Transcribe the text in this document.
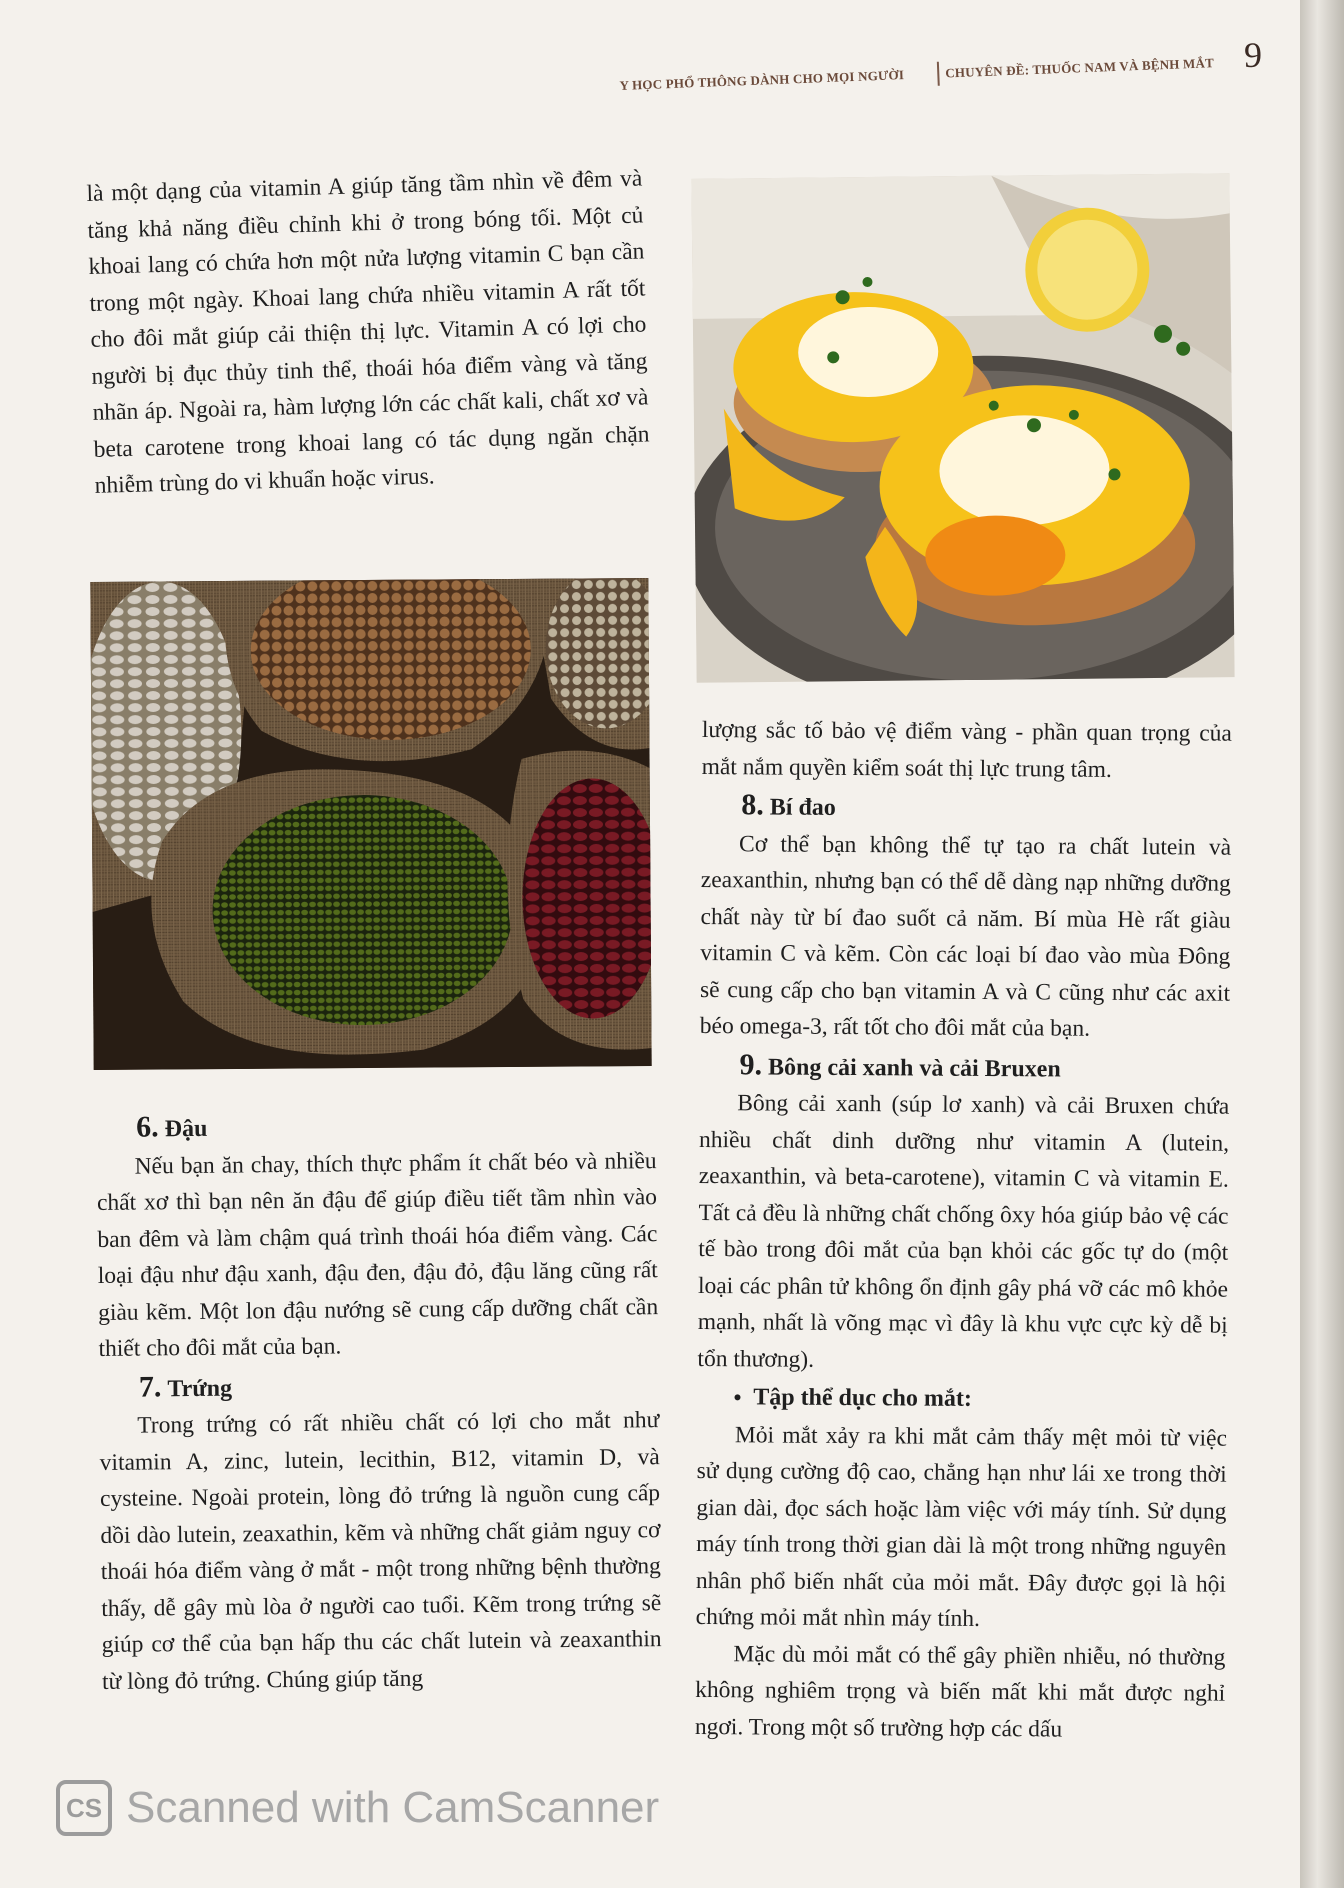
Y HỌC PHỔ THÔNG DÀNH CHO MỌI NGƯỜI	CHUYÊN ĐỀ: THUỐC NAM VÀ BỆNH MẮT 9

là một dạng của vitamin A giúp tăng tầm nhìn về đêm và tăng khả năng điều chỉnh khi ở trong bóng tối. Một củ khoai lang có chứa hơn một nửa lượng vitamin C bạn cần trong một ngày. Khoai lang chứa nhiều vitamin A rất tốt cho đôi mắt giúp cải thiện thị lực. Vitamin A có lợi cho người bị đục thủy tinh thể, thoái hóa điểm vàng và tăng nhãn áp. Ngoài ra, hàm lượng lớn các chất kali, chất xơ và beta carotene trong khoai lang có tác dụng ngăn chặn nhiễm trùng do vi khuẩn hoặc virus.

6. Đậu

Nếu bạn ăn chay, thích thực phẩm ít chất béo và nhiều chất xơ thì bạn nên ăn đậu để giúp điều tiết tầm nhìn vào ban đêm và làm chậm quá trình thoái hóa điểm vàng. Các loại đậu như đậu xanh, đậu đen, đậu đỏ, đậu lăng cũng rất giàu kẽm. Một lon đậu nướng sẽ cung cấp dưỡng chất cần thiết cho đôi mắt của bạn.

7. Trứng

Trong trứng có rất nhiều chất có lợi cho mắt như vitamin A, zinc, lutein, lecithin, B12, vitamin D, và cysteine. Ngoài protein, lòng đỏ trứng là nguồn cung cấp dồi dào lutein, zeaxathin, kẽm và những chất giảm nguy cơ thoái hóa điểm vàng ở mắt - một trong những bệnh thường thấy, dễ gây mù lòa ở người cao tuổi. Kẽm trong trứng sẽ giúp cơ thể của bạn hấp thu các chất lutein và zeaxanthin từ lòng đỏ trứng. Chúng giúp tăng

lượng sắc tố bảo vệ điểm vàng - phần quan trọng của mắt nắm quyền kiểm soát thị lực trung tâm.

8. Bí đao

Cơ thể bạn không thể tự tạo ra chất lutein và zeaxanthin, nhưng bạn có thể dễ dàng nạp những dưỡng chất này từ bí đao suốt cả năm. Bí mùa Hè rất giàu vitamin C và kẽm. Còn các loại bí đao vào mùa Đông sẽ cung cấp cho bạn vitamin A và C cũng như các axit béo omega-3, rất tốt cho đôi mắt của bạn.

9. Bông cải xanh và cải Bruxen

Bông cải xanh (súp lơ xanh) và cải Bruxen chứa nhiều chất dinh dưỡng như vitamin A (lutein, zeaxanthin, và beta-carotene), vitamin C và vitamin E. Tất cả đều là những chất chống ôxy hóa giúp bảo vệ các tế bào trong đôi mắt của bạn khỏi các gốc tự do (một loại các phân tử không ổn định gây phá vỡ các mô khỏe mạnh, nhất là võng mạc vì đây là khu vực cực kỳ dễ bị tổn thương).

● Tập thể dục cho mắt:

Mỏi mắt xảy ra khi mắt cảm thấy mệt mỏi từ việc sử dụng cường độ cao, chẳng hạn như lái xe trong thời gian dài, đọc sách hoặc làm việc với máy tính. Sử dụng máy tính trong thời gian dài là một trong những nguyên nhân phổ biến nhất của mỏi mắt. Đây được gọi là hội chứng mỏi mắt nhìn máy tính.

Mặc dù mỏi mắt có thể gây phiền nhiễu, nó thường không nghiêm trọng và biến mất khi mắt được nghỉ ngơi. Trong một số trường hợp các dấu

CS Scanned with CamScanner
